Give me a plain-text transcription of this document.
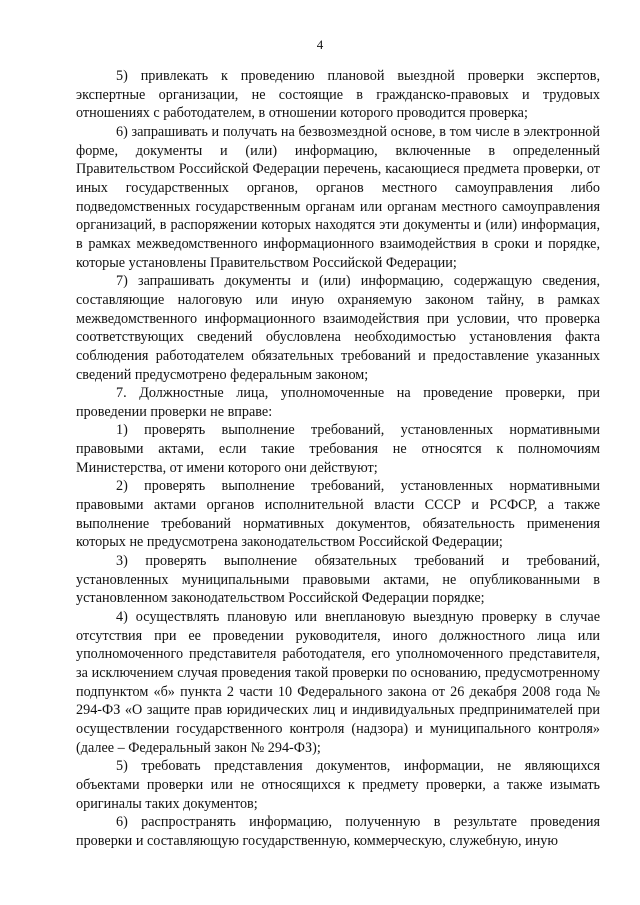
4

5) привлекать к проведению плановой выездной проверки экспертов, экспертные организации, не состоящие в гражданско-правовых и трудовых отношениях с работодателем, в отношении которого проводится проверка;

6) запрашивать и получать на безвозмездной основе, в том числе в электронной форме, документы и (или) информацию, включенные в определенный Правительством Российской Федерации перечень, касающиеся предмета проверки, от иных государственных органов, органов местного самоуправления либо подведомственных государственным органам или органам местного самоуправления организаций, в распоряжении которых находятся эти документы и (или) информация, в рамках межведомственного информационного взаимодействия в сроки и порядке, которые установлены Правительством Российской Федерации;

7) запрашивать документы и (или) информацию, содержащую сведения, составляющие налоговую или иную охраняемую законом тайну, в рамках межведомственного информационного взаимодействия при условии, что проверка соответствующих сведений обусловлена необходимостью установления факта соблюдения работодателем обязательных требований и предоставление указанных сведений предусмотрено федеральным законом;

7. Должностные лица, уполномоченные на проведение проверки, при проведении проверки не вправе:

1) проверять выполнение требований, установленных нормативными правовыми актами, если такие требования не относятся к полномочиям Министерства, от имени которого они действуют;

2) проверять выполнение требований, установленных нормативными правовыми актами органов исполнительной власти СССР и РСФСР, а также выполнение требований нормативных документов, обязательность применения которых не предусмотрена законодательством Российской Федерации;

3) проверять выполнение обязательных требований и требований, установленных муниципальными правовыми актами, не опубликованными в установленном законодательством Российской Федерации порядке;

4) осуществлять плановую или внеплановую выездную проверку в случае отсутствия при ее проведении руководителя, иного должностного лица или уполномоченного представителя работодателя, его уполномоченного представителя, за исключением случая проведения такой проверки по основанию, предусмотренному подпунктом «б» пункта 2 части 10 Федерального закона от 26 декабря 2008 года № 294-ФЗ «О защите прав юридических лиц и индивидуальных предпринимателей при осуществлении государственного контроля (надзора) и муниципального контроля» (далее – Федеральный закон № 294-ФЗ);

5) требовать представления документов, информации, не являющихся объектами проверки или не относящихся к предмету проверки, а также изымать оригиналы таких документов;

6) распространять информацию, полученную в результате проведения проверки и составляющую государственную, коммерческую, служебную, иную
